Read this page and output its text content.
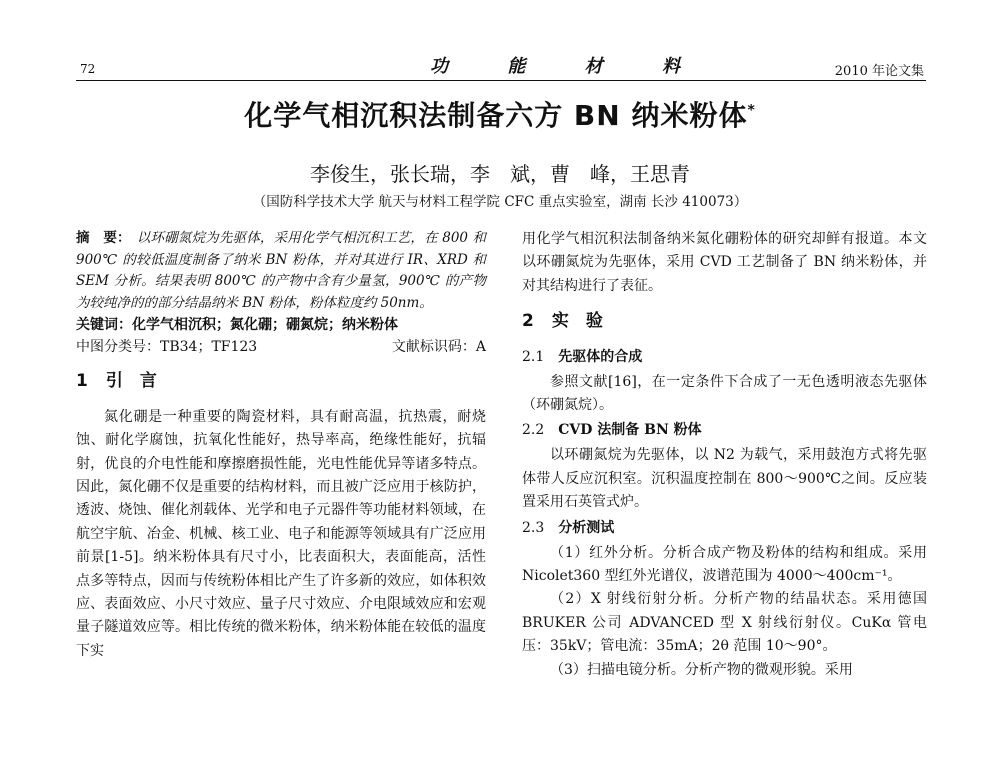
72	功	能	材	料	2010 年论文集
化学气相沉积法制备六方 BN 纳米粉体*
李俊生，张长瑞，李　斌，曹　峰，王思青
（国防科学技术大学 航天与材料工程学院 CFC 重点实验室，湖南 长沙 410073）

摘　要： 以环硼氮烷为先驱体，采用化学气相沉积工艺，在 800 和 900℃ 的较低温度制备了纳米 BN 粉体，并对其进行 IR、XRD 和 SEM 分析。结果表明 800℃ 的产物中含有少量氢，900℃ 的产物为较纯净的的部分结晶纳米 BN 粉体，粉体粒度约 50nm。

关键词：化学气相沉积；氮化硼；硼氮烷；纳米粉体

中图分类号：TB34；TF123	文献标识码：A
1 引　言

氮化硼是一种重要的陶瓷材料，具有耐高温，抗热震，耐烧蚀、耐化学腐蚀，抗氧化性能好，热导率高，绝缘性能好，抗辐射，优良的介电性能和摩擦磨损性能，光电性能优异等诸多特点。因此，氮化硼不仅是重要的结构材料，而且被广泛应用于核防护，透波、烧蚀、催化剂载体、光学和电子元器件等功能材料领域，在航空宇航、冶金、机械、核工业、电子和能源等领域具有广泛应用前景[1-5]。纳米粉体具有尺寸小，比表面积大，表面能高，活性点多等特点，因而与传统粉体相比产生了许多新的效应，如体积效应、表面效应、小尺寸效应、量子尺寸效应、介电限域效应和宏观量子隧道效应等。相比传统的微米粉体，纳米粉体能在较低的温度下实

用化学气相沉积法制备纳米氮化硼粉体的研究却鲜有报道。本文以环硼氮烷为先驱体，采用 CVD 工艺制备了 BN 纳米粉体，并对其结构进行了表征。

2 实　验
2.1 先驱体的合成

参照文献[16]，在一定条件下合成了一无色透明液态先驱体（环硼氮烷）。

2.2 CVD 法制备 BN 粉体

以环硼氮烷为先驱体，以 N2 为载气，采用鼓泡方式将先驱体带人反应沉积室。沉积温度控制在 800～900℃之间。反应装置采用石英管式炉。

2.3 分析测试

（1）红外分析。分析合成产物及粉体的结构和组成。采用 Nicolet360 型红外光谱仪，波谱范围为 4000～400cm⁻¹。

（2）X 射线衍射分析。分析产物的结晶状态。采用德国 BRUKER 公司 ADVANCED 型 X 射线衍射仪。CuKα 管电压：35kV；管电流：35mA；2θ 范围 10～90°。

（3）扫描电镜分析。分析产物的微观形貌。采用
